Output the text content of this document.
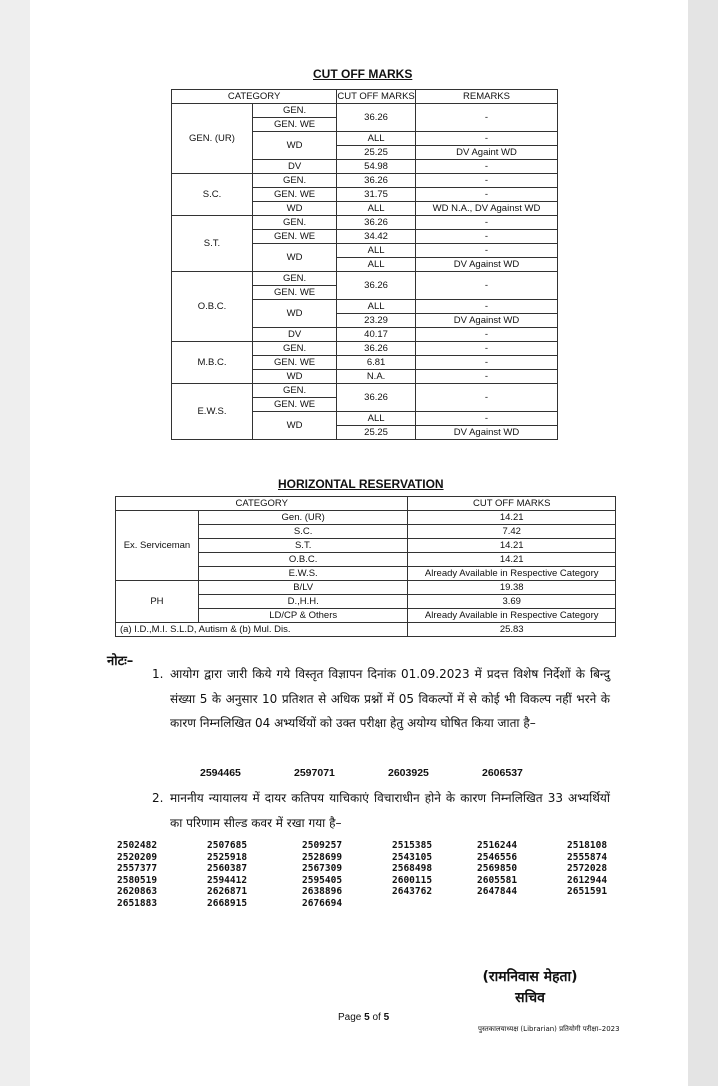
CUT OFF MARKS
CATEGORY		CUT OFF MARKS	REMARKS
GEN. (UR)	GEN.	36.26	-
	GEN. WE		
	WD	ALL	-
		25.25	DV Againt WD
	DV	54.98	-
S.C.	GEN.	36.26	-
	GEN. WE	31.75	-
	WD	ALL	WD N.A., DV Against WD
S.T.	GEN.	36.26	-
	GEN. WE	34.42	-
	WD	ALL	-
		ALL	DV Against WD
O.B.C.	GEN.	36.26	-
	GEN. WE		
	WD	ALL	-
		23.29	DV Against WD
	DV	40.17	-
M.B.C.	GEN.	36.26	-
	GEN. WE	6.81	-
	WD	N.A.	-
E.W.S.	GEN.	36.26	-
	GEN. WE		
	WD	ALL	-
		25.25	DV Against WD
HORIZONTAL RESERVATION
CATEGORY		CUT OFF MARKS
Ex. Serviceman	Gen. (UR)	14.21
	S.C.	7.42
	S.T.	14.21
	O.B.C.	14.21
	E.W.S.	Already Available in Respective Category
PH	B/LV	19.38
	D.,H.H.	3.69
	LD/CP & Others	Already Available in Respective Category
(a) I.D.,M.I. S.L.D, Autism & (b) Mul. Dis.		25.83
नोटः–
1. आयोग द्वारा जारी किये गये विस्तृत विज्ञापन दिनांक 01.09.2023 में प्रदत्त विशेष निर्देशों के बिन्दु संख्या 5 के अनुसार 10 प्रतिशत से अधिक प्रश्नों में 05 विकल्पों में से कोई भी विकल्प नहीं भरने के कारण निम्नलिखित 04 अभ्यर्थियों को उक्त परीक्षा हेतु अयोग्य घोषित किया जाता है–
2594465	2597071	2603925	2606537
2. माननीय न्यायालय में दायर कतिपय याचिकाएं विचाराधीन होने के कारण निम्नलिखित 33 अभ्यर्थियों का परिणाम सील्ड कवर में रखा गया है–
2502482	2507685	2509257	2515385	2516244	2518108
2520209	2525918	2528699	2543105	2546556	2555874
2557377	2560387	2567309	2568498	2569850	2572028
2580519	2594412	2595405	2600115	2605581	2612944
2620863	2626871	2638896	2643762	2647844	2651591
2651883	2668915	2676694
(रामनिवास मेहता)
सचिव
Page 5 of 5
पुस्तकालयाध्यक्ष (Librarian) प्रतियोगी परीक्षा–2023
